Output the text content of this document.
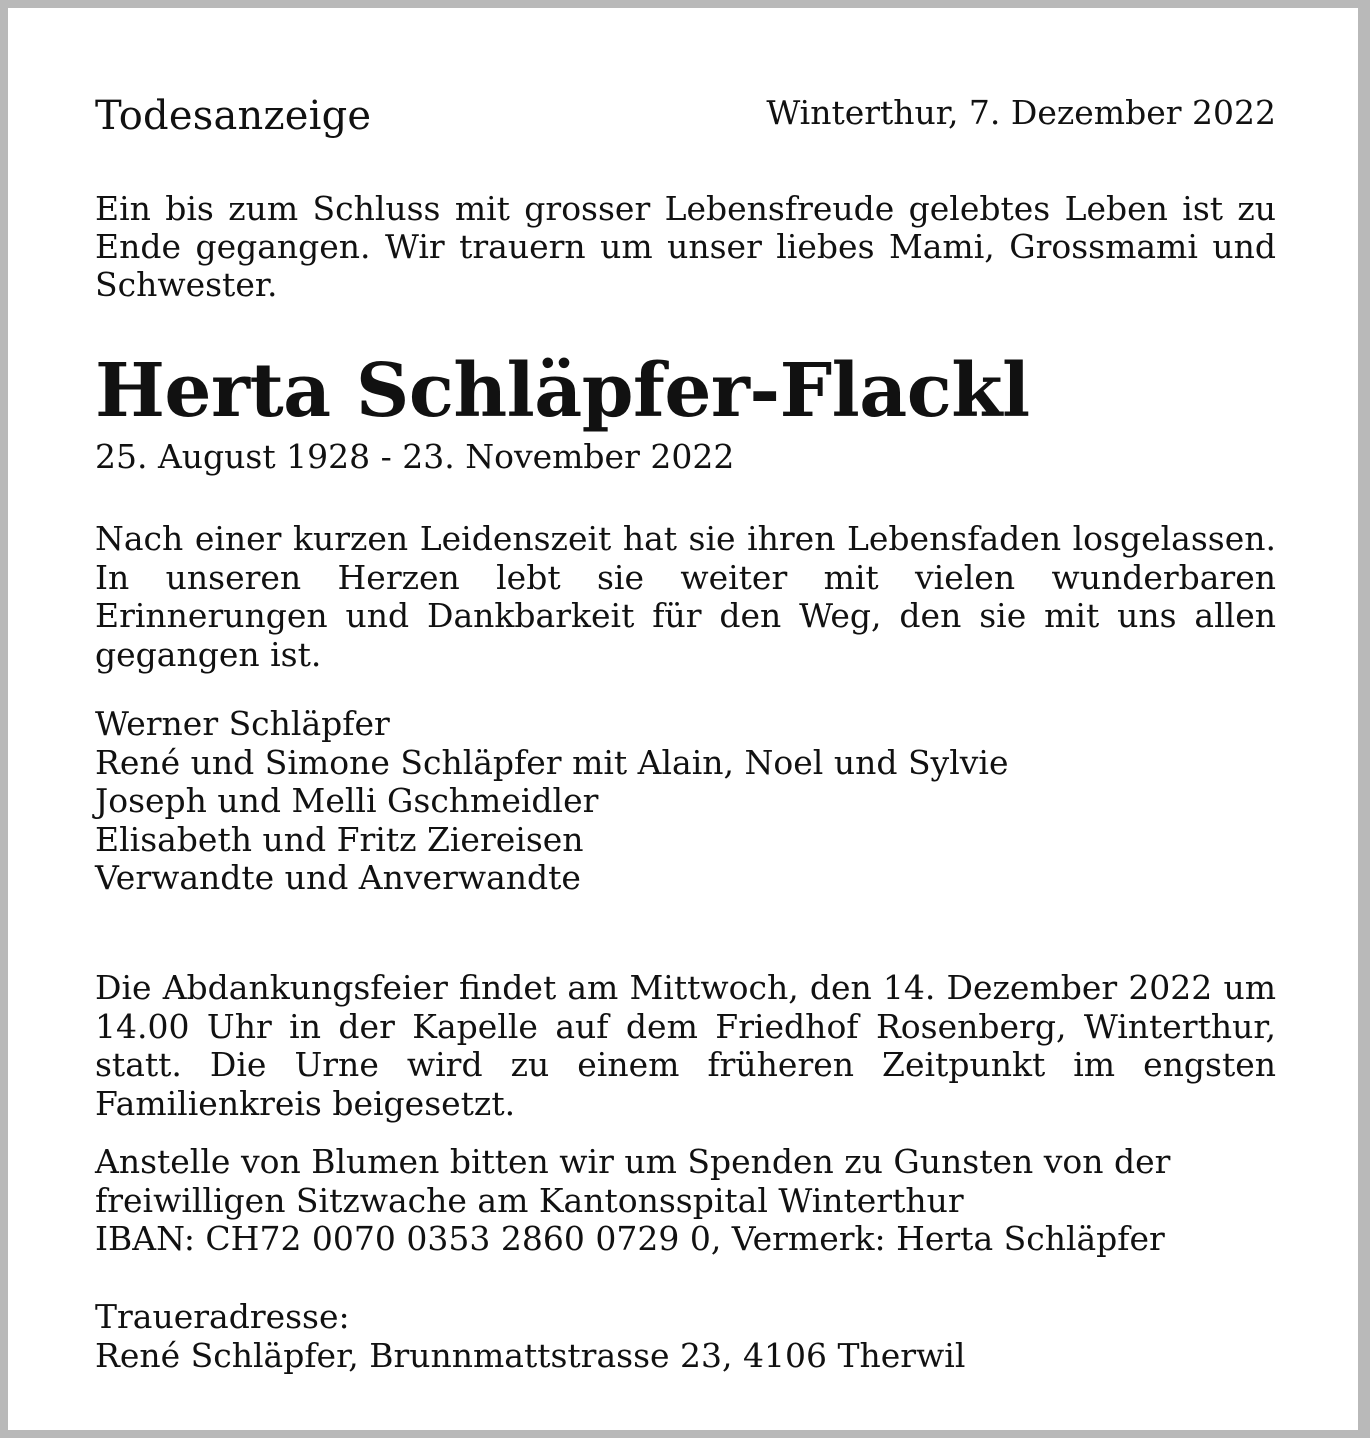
Todesanzeige	Winterthur, 7. Dezember 2022

Ein bis zum Schluss mit grosser Lebensfreude gelebtes Leben ist zu Ende gegangen. Wir trauern um unser liebes Mami, Grossmami und Schwester.

Herta Schläpfer-Flackl

25. August 1928 - 23. November 2022

Nach einer kurzen Leidenszeit hat sie ihren Lebensfaden losgelassen. In unseren Herzen lebt sie weiter mit vielen wunderbaren Erinnerungen und Dankbarkeit für den Weg, den sie mit uns allen gegangen ist.

Werner Schläpfer
René und Simone Schläpfer mit Alain, Noel und Sylvie
Joseph und Melli Gschmeidler
Elisabeth und Fritz Ziereisen
Verwandte und Anverwandte

Die Abdankungsfeier findet am Mittwoch, den 14. Dezember 2022 um 14.00 Uhr in der Kapelle auf dem Friedhof Rosenberg, Winterthur, statt. Die Urne wird zu einem früheren Zeitpunkt im engsten Familienkreis beigesetzt.

Anstelle von Blumen bitten wir um Spenden zu Gunsten von der
freiwilligen Sitzwache am Kantonsspital Winterthur
IBAN: CH72 0070 0353 2860 0729 0, Vermerk: Herta Schläpfer

Traueradresse:
René Schläpfer, Brunnmattstrasse 23, 4106 Therwil
